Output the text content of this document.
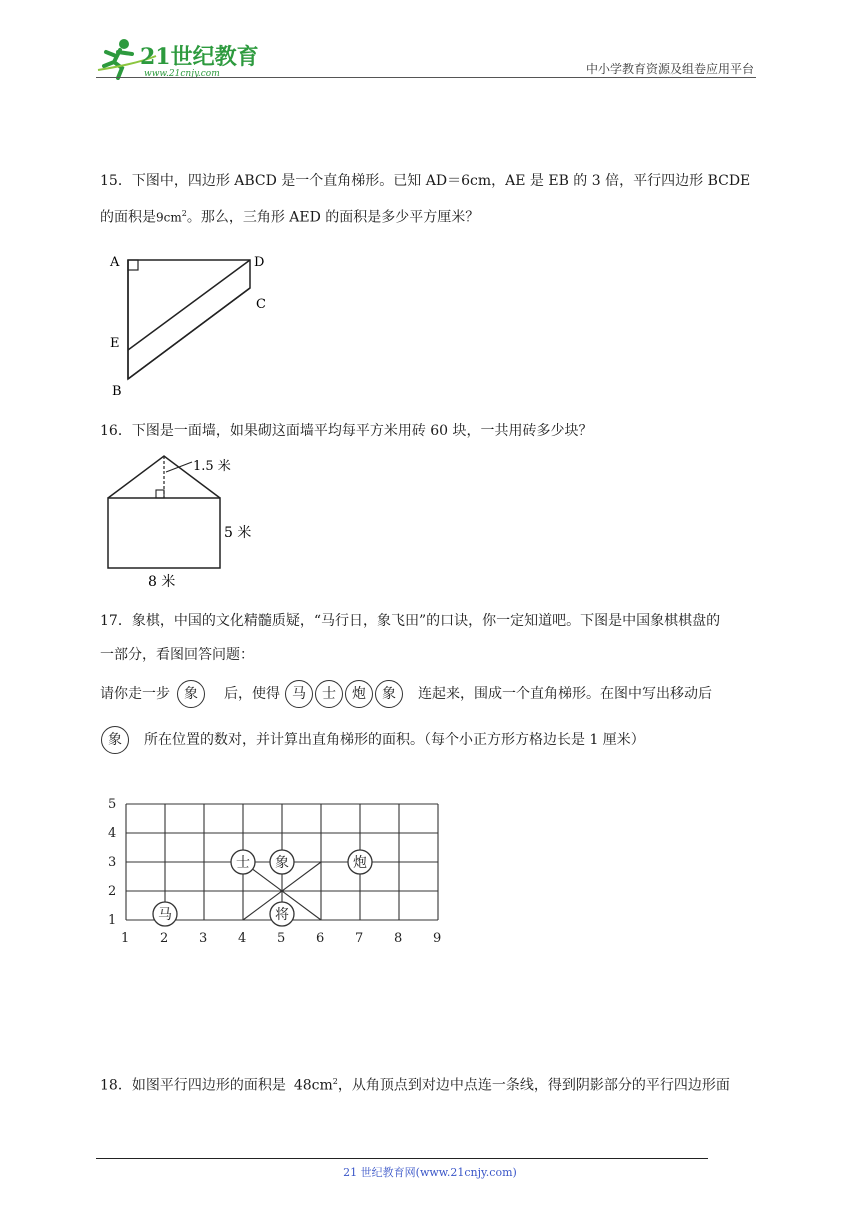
21世纪教育
www.21cnjy.com	中小学教育资源及组卷应用平台
15．下图中，四边形 ABCD 是一个直角梯形。已知 AD＝6cm，AE 是 EB 的 3 倍，平行四边形 BCDE
的面积是$9cm^2$。那么，三角形 AED 的面积是多少平方厘米？
A	D
C
E
B
16．下图是一面墙，如果砌这面墙平均每平方米用砖 60 块，一共用砖多少块？
1.5 米
5 米
8 米
17．象棋，中国的文化精髓质疑，“马行日，象飞田”的口诀，你一定知道吧。下图是中国象棋棋盘的
一部分，看图回答问题：
请你走一步 象 后，使得 马 士 炮 象 连起来，围成一个直角梯形。在图中写出移动后
象 所在位置的数对，并计算出直角梯形的面积。（每个小正方形方格边长是 1 厘米）
5
4
3
2
1
1 2 3 4 5 6 7 8 9
马
士 象	炮
将
18．如图平行四边形的面积是 $48cm^2$，从角顶点到对边中点连一条线，得到阴影部分的平行四边形面
21 世纪教育网(www.21cnjy.com)
